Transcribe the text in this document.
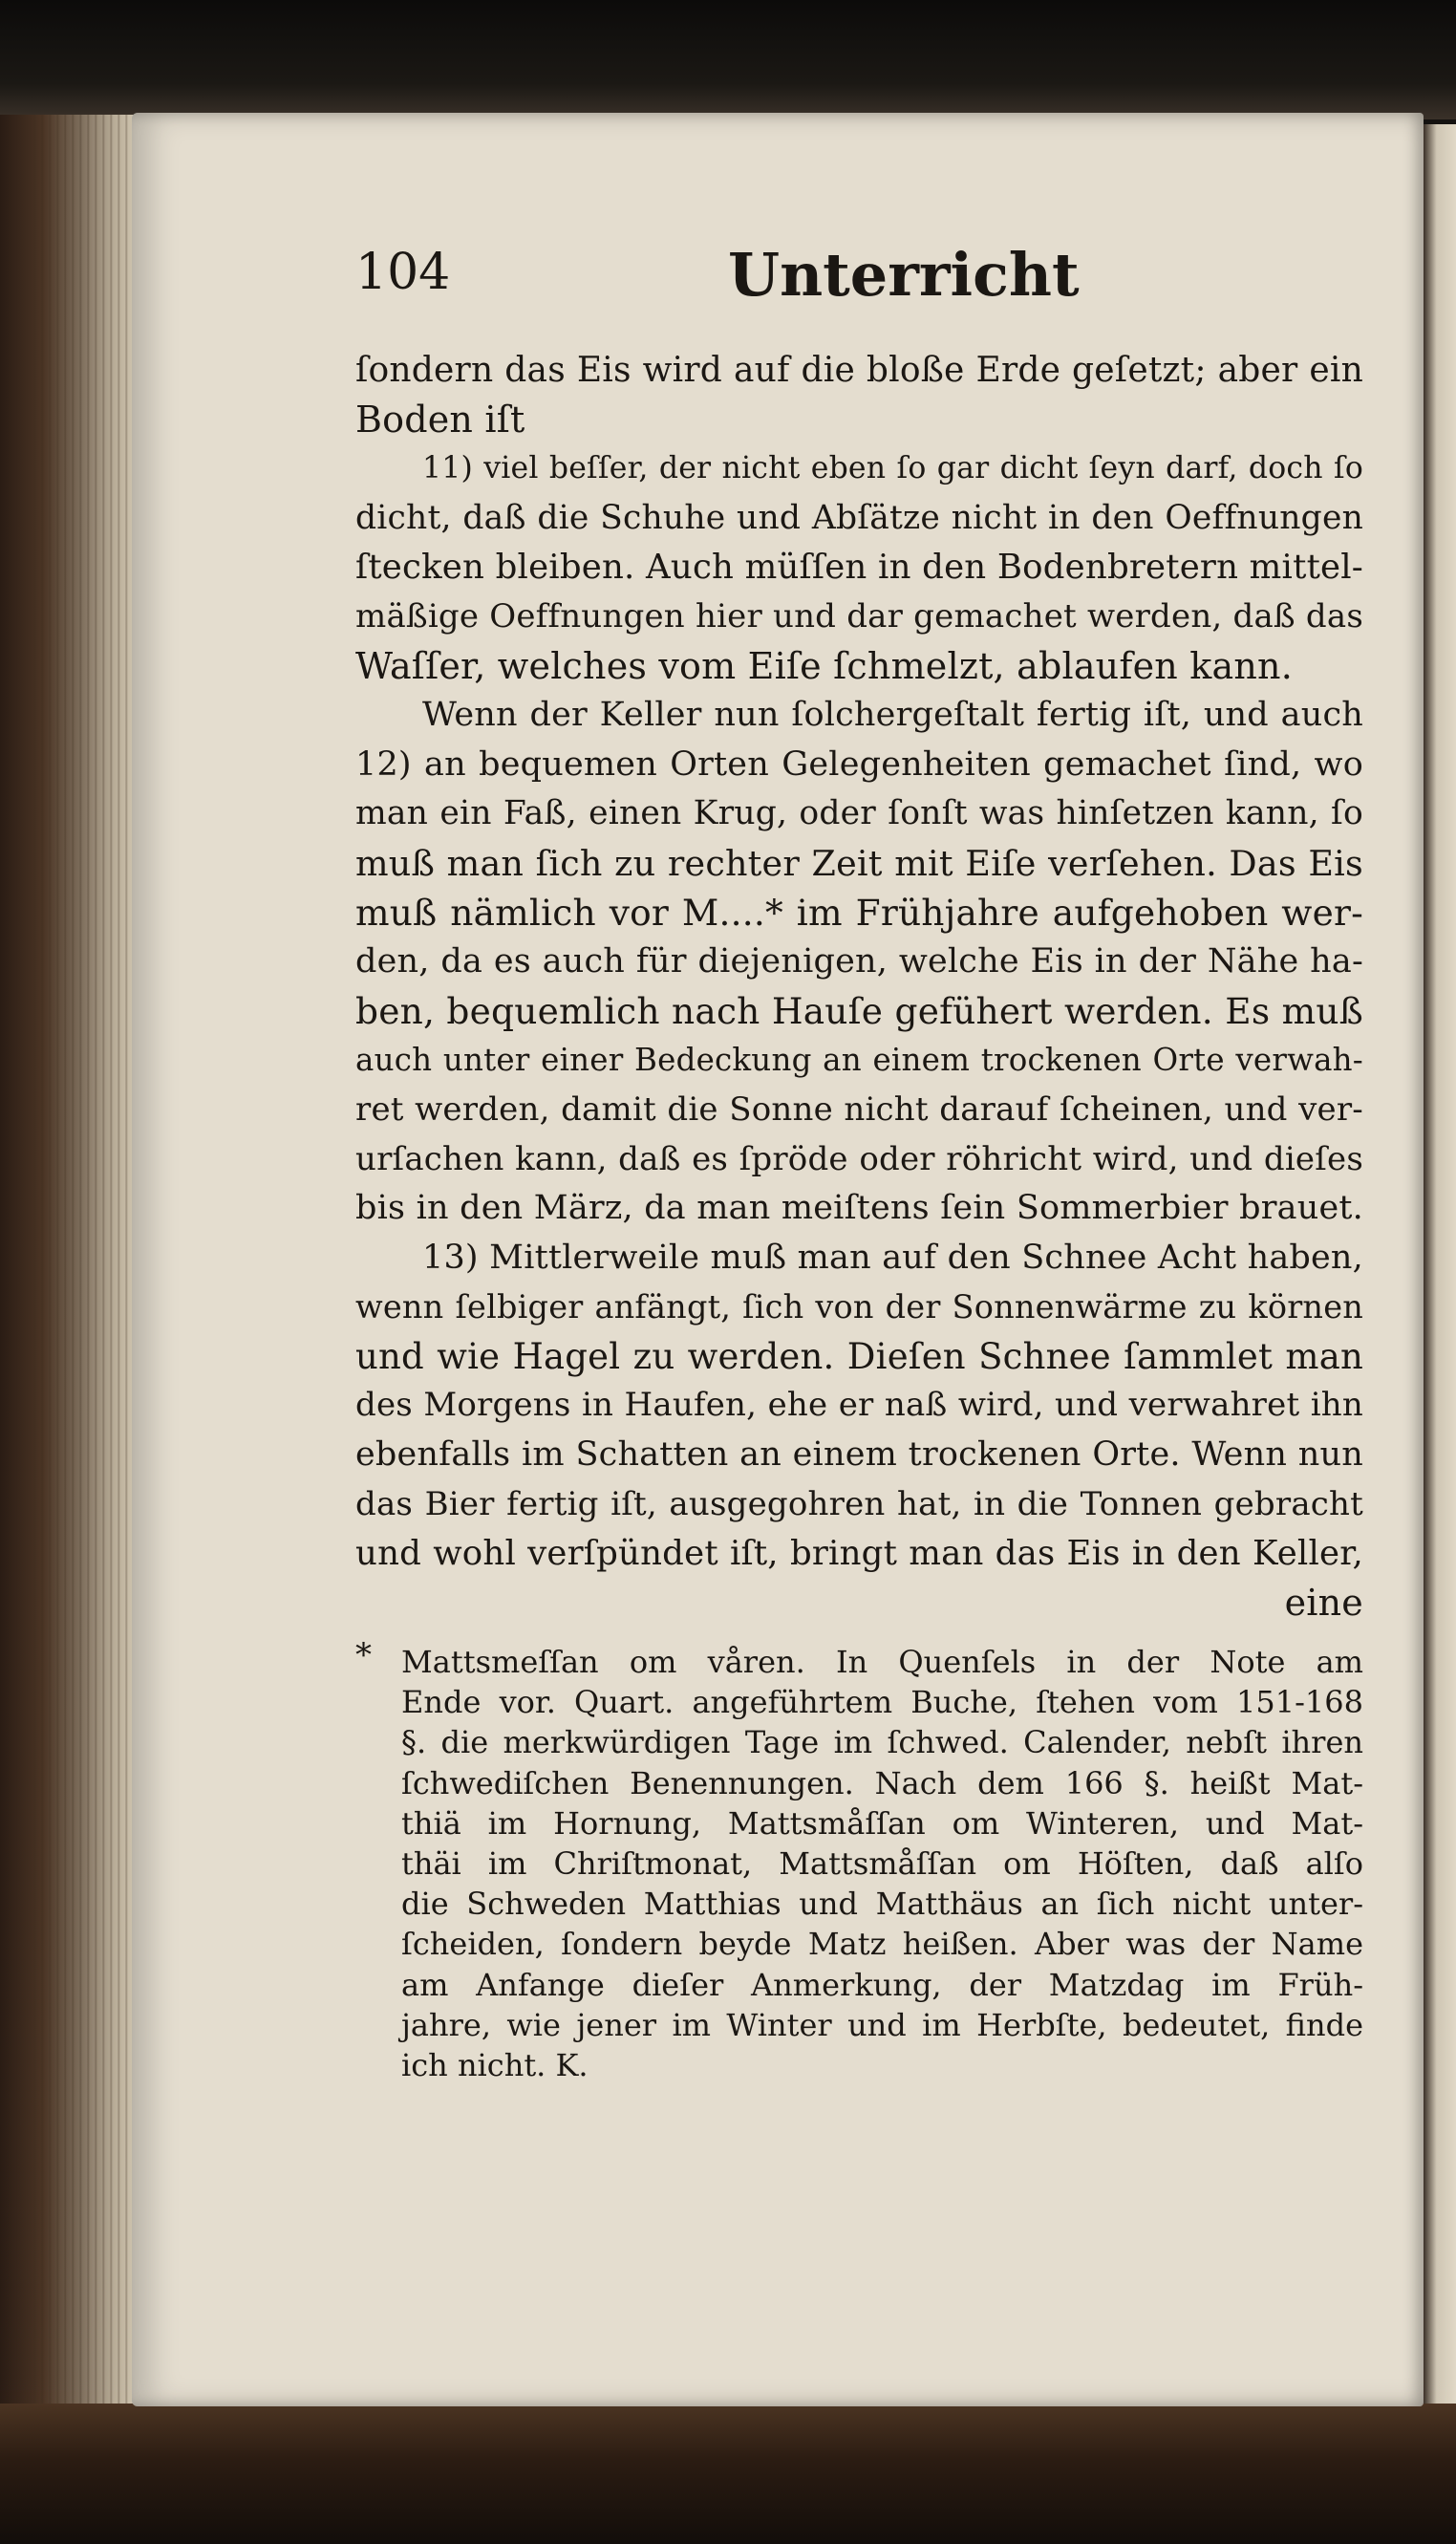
104	Unterricht
ſondern das Eis wird auf die bloße Erde geſetzt; aber ein
Boden iſt
11) viel beſſer, der nicht eben ſo gar dicht ſeyn darf, doch ſo
dicht, daß die Schuhe und Abſätze nicht in den Oeffnungen
ſtecken bleiben. Auch müſſen in den Bodenbretern mittel-
mäßige Oeffnungen hier und dar gemachet werden, daß das
Waſſer, welches vom Eiſe ſchmelzt, ablaufen kann.
Wenn der Keller nun ſolchergeſtalt fertig iſt, und auch
12) an bequemen Orten Gelegenheiten gemachet ſind, wo
man ein Faß, einen Krug, oder ſonſt was hinſetzen kann, ſo
muß man ſich zu rechter Zeit mit Eiſe verſehen. Das Eis
muß nämlich vor M....* im Frühjahre aufgehoben wer-
den, da es auch für diejenigen, welche Eis in der Nähe ha-
ben, bequemlich nach Hauſe gefühert werden. Es muß
auch unter einer Bedeckung an einem trockenen Orte verwah-
ret werden, damit die Sonne nicht darauf ſcheinen, und ver-
urſachen kann, daß es ſpröde oder röhricht wird, und dieſes
bis in den März, da man meiſtens ſein Sommerbier brauet.
13) Mittlerweile muß man auf den Schnee Acht haben,
wenn ſelbiger anfängt, ſich von der Sonnenwärme zu körnen
und wie Hagel zu werden. Dieſen Schnee ſammlet man
des Morgens in Haufen, ehe er naß wird, und verwahret ihn
ebenfalls im Schatten an einem trockenen Orte. Wenn nun
das Bier fertig iſt, ausgegohren hat, in die Tonnen gebracht
und wohl verſpündet iſt, bringt man das Eis in den Keller,
eine
* Mattsmeſſan om våren. In Quenſels in der Note am
Ende vor. Quart. angeführtem Buche, ſtehen vom 151-168
§. die merkwürdigen Tage im ſchwed. Calender, nebſt ihren
ſchwediſchen Benennungen. Nach dem 166 §. heißt Mat-
thiä im Hornung, Mattsmåſſan om Winteren, und Mat-
thäi im Chriſtmonat, Mattsmåſſan om Höſten, daß alſo
die Schweden Matthias und Matthäus an ſich nicht unter-
ſcheiden, ſondern beyde Matz heißen. Aber was der Name
am Anfange dieſer Anmerkung, der Matzdag im Früh-
jahre, wie jener im Winter und im Herbſte, bedeutet, finde
ich nicht. K.
